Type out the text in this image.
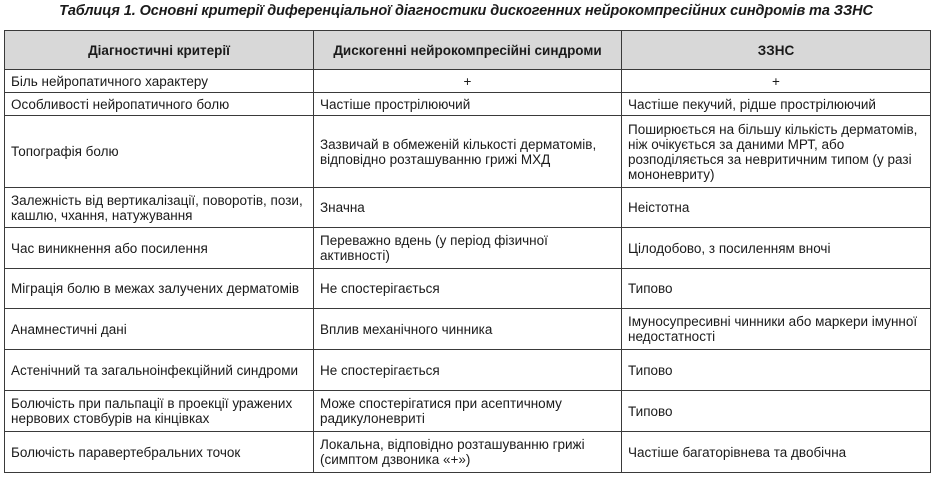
Таблиця 1. Основні критерії диференціальної діагностики дискогенних нейрокомпресійних синдромів та ЗЗНС
Діагностичні критерії	Дискогенні нейрокомпресійні синдроми	ЗЗНС
Біль нейропатичного характеру	+	+
Особливості нейропатичного болю	Частіше прострілюючий	Частіше пекучий, рідше прострілюючий
Топографія болю	Зазвичай в обмеженій кількості дерматомів, відповідно розташуванню грижі МХД	Поширюється на більшу кількість дерматомів, ніж очікується за даними МРТ, або розподіляється за невритичним типом (у разі мононевриту)
Залежність від вертикалізації, поворотів, пози, кашлю, чхання, натужування	Значна	Неістотна
Час виникнення або посилення	Переважно вдень (у період фізичної активності)	Цілодобово, з посиленням вночі
Міграція болю в межах залучених дерматомів	Не спостерігається	Типово
Анамнестичні дані	Вплив механічного чинника	Імуносупресивні чинники або маркери імунної недостатності
Астенічний та загальноінфекційний синдроми	Не спостерігається	Типово
Болючість при пальпації в проекції уражених нервових стовбурів на кінцівках	Може спостерігатися при асептичному радикулоневриті	Типово
Болючість паравертебральних точок	Локальна, відповідно розташуванню грижі (симптом дзвоника «+»)	Частіше багаторівнева та двобічна
